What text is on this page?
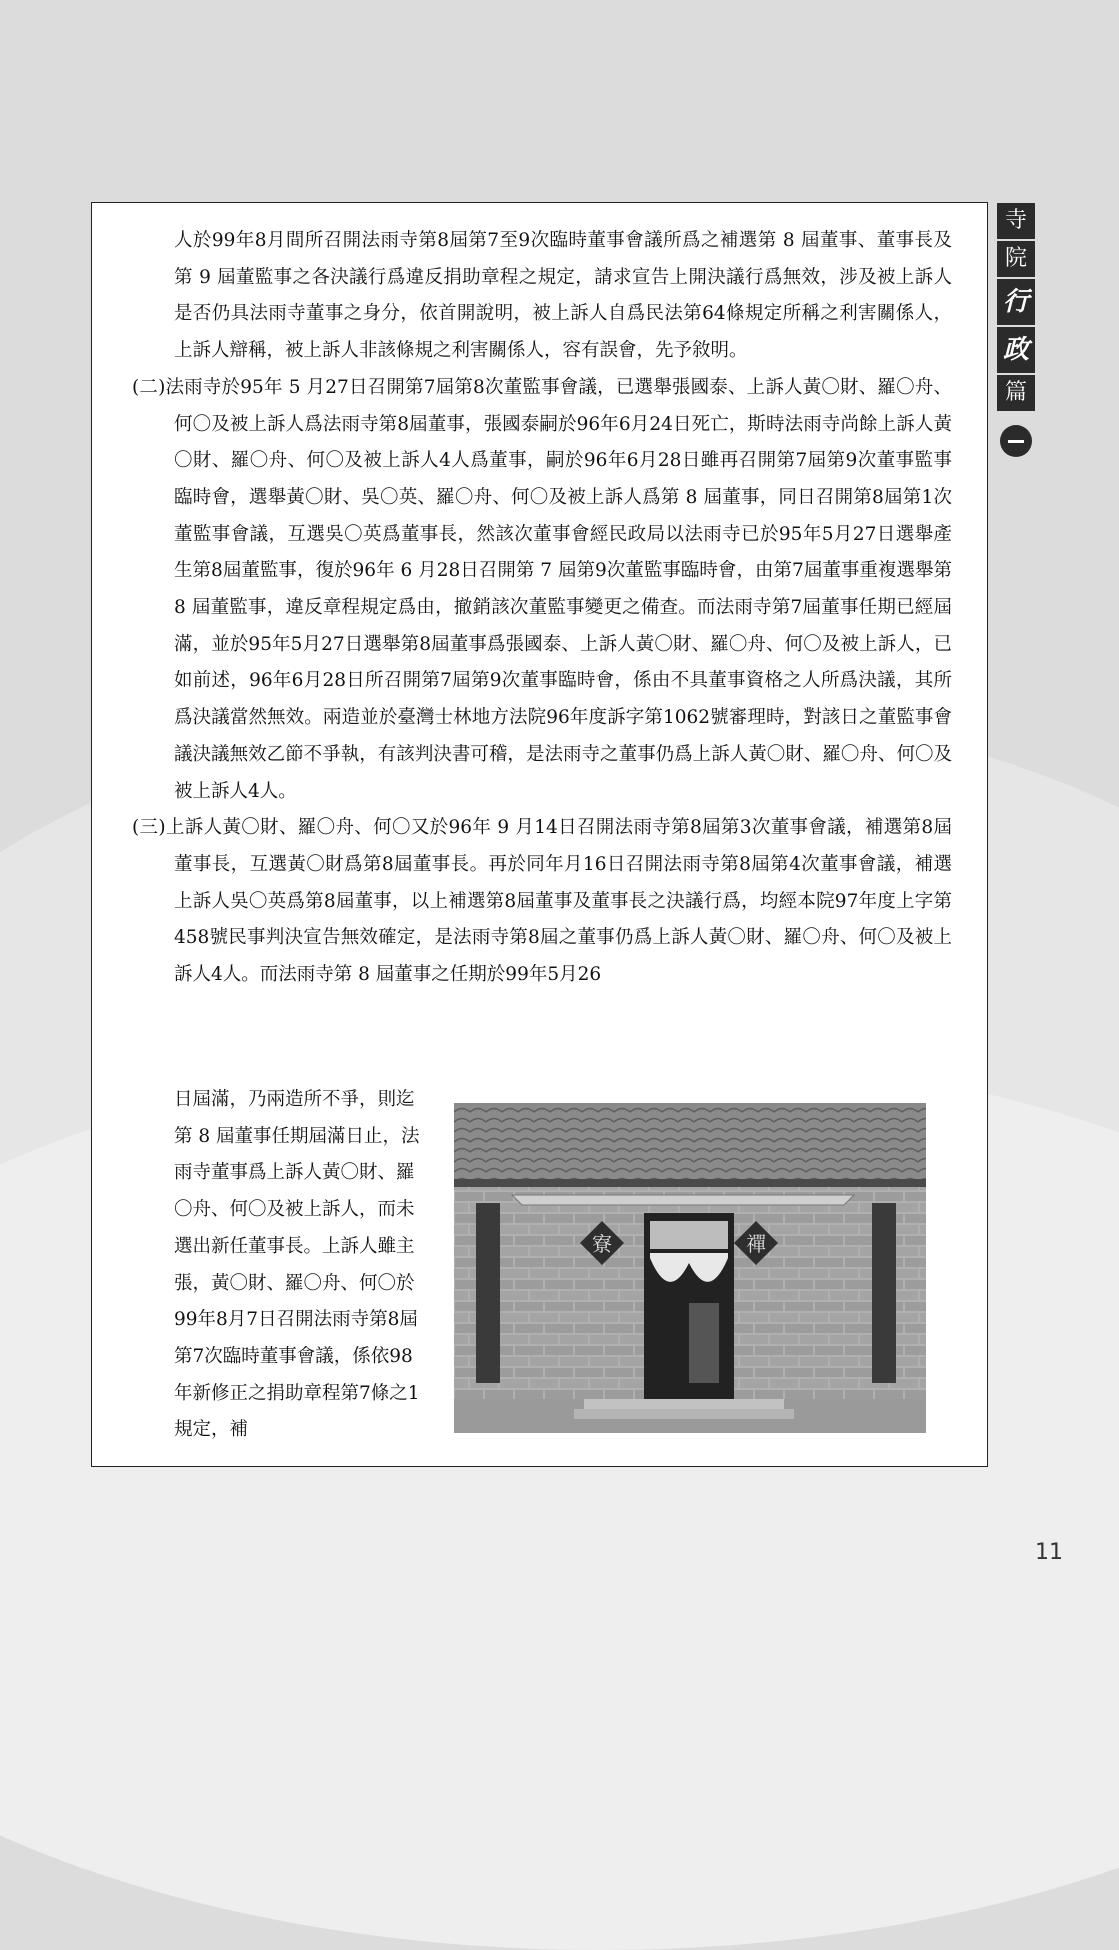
人於99年8月間所召開法雨寺第8屆第7至9次臨時董事會議所爲之補選第 8 屆董事、董事長及第 9 屆董監事之各決議行爲違反捐助章程之規定，請求宣告上開決議行爲無效，涉及被上訴人是否仍具法雨寺董事之身分，依首開說明，被上訴人自爲民法第64條規定所稱之利害關係人，上訴人辯稱，被上訴人非該條規之利害關係人，容有誤會，先予敘明。

(二)法雨寺於95年 5 月27日召開第7屆第8次董監事會議，已選舉張國泰、上訴人黃〇財、羅〇舟、何〇及被上訴人爲法雨寺第8屆董事，張國泰嗣於96年6月24日死亡，斯時法雨寺尚餘上訴人黃〇財、羅〇舟、何〇及被上訴人4人爲董事，嗣於96年6月28日雖再召開第7屆第9次董事監事臨時會，選舉黃〇財、吳〇英、羅〇舟、何〇及被上訴人爲第 8 屆董事，同日召開第8屆第1次董監事會議，互選吳〇英爲董事長，然該次董事會經民政局以法雨寺已於95年5月27日選舉產生第8屆董監事，復於96年 6 月28日召開第 7 屆第9次董監事臨時會，由第7屆董事重複選舉第 8 屆董監事，違反章程規定爲由，撤銷該次董監事變更之備查。而法雨寺第7屆董事任期已經屆滿，並於95年5月27日選舉第8屆董事爲張國泰、上訴人黃〇財、羅〇舟、何〇及被上訴人，已如前述，96年6月28日所召開第7屆第9次董事臨時會，係由不具董事資格之人所爲決議，其所爲決議當然無效。兩造並於臺灣士林地方法院96年度訴字第1062號審理時，對該日之董監事會議決議無效乙節不爭執，有該判決書可稽，是法雨寺之董事仍爲上訴人黃〇財、羅〇舟、何〇及被上訴人4人。

(三)上訴人黃〇財、羅〇舟、何〇又於96年 9 月14日召開法雨寺第8屆第3次董事會議，補選第8屆董事長，互選黃〇財爲第8屆董事長。再於同年月16日召開法雨寺第8屆第4次董事會議，補選上訴人吳〇英爲第8屆董事，以上補選第8屆董事及董事長之決議行爲，均經本院97年度上字第458號民事判決宣告無效確定，是法雨寺第8屆之董事仍爲上訴人黃〇財、羅〇舟、何〇及被上訴人4人。而法雨寺第 8 屆董事之任期於99年5月26

日屆滿，乃兩造所不爭，則迄第 8 屆董事任期屆滿日止，法雨寺董事爲上訴人黃〇財、羅〇舟、何〇及被上訴人，而未選出新任董事長。上訴人雖主張，黃〇財、羅〇舟、何〇於99年8月7日召開法雨寺第8屆第7次臨時董事會議，係依98年新修正之捐助章程第7條之1規定，補
寮	禪
寺
院
行
政
篇
11
